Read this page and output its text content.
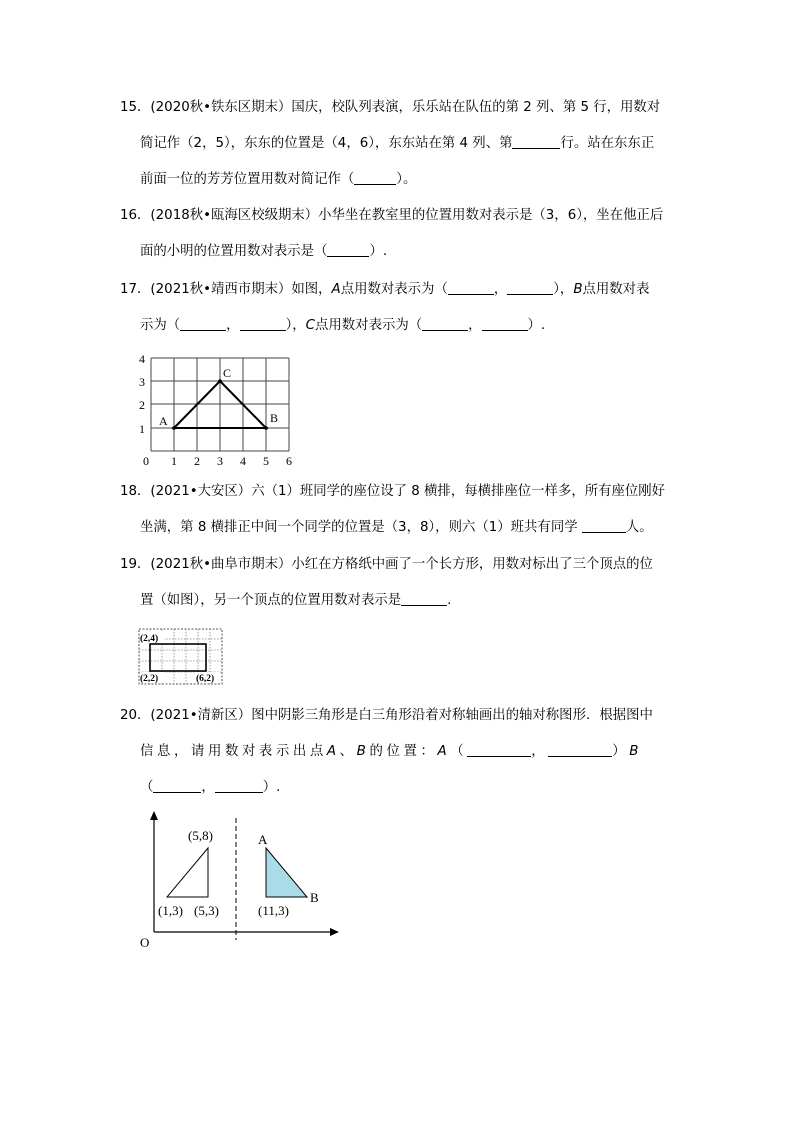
15．(2020秋•铁东区期末）国庆，校队列表演，乐乐站在队伍的第 2 列、第 5 行，用数对
简记作（2，5），东东的位置是（4，6），东东站在第 4 列、第	行。站在东东正
前面一位的芳芳位置用数对简记作（	）。
16．(2018秋•瓯海区校级期末）小华坐在教室里的位置用数对表示是（3，6），坐在他正后
面的小明的位置用数对表示是（	）.
17．(2021秋•靖西市期末）如图，A点用数对表示为（	，	），B点用数对表
示为（	，	），C点用数对表示为（	，	）.
A
C
B
4
3
2
1
0 1 2 3 4 5 6
18．(2021•大安区）六（1）班同学的座位设了 8 横排，每横排座位一样多，所有座位刚好
坐满，第 8 横排正中间一个同学的位置是（3，8），则六（1）班共有同学	人。
19．(2021秋•曲阜市期末）小红在方格纸中画了一个长方形，用数对标出了三个顶点的位
置（如图），另一个顶点的位置用数对表示是	.
(2,4)
(2,2)	(6,2)
20．(2021•清新区）图中阴影三角形是白三角形沿着对称轴画出的轴对称图形．根据图中
信息，请用数对表示出点A、B的位置：A（	，	）B
（	，	）.
(5,8)
(1,3) (5,3)
A
B
(11,3)
O
